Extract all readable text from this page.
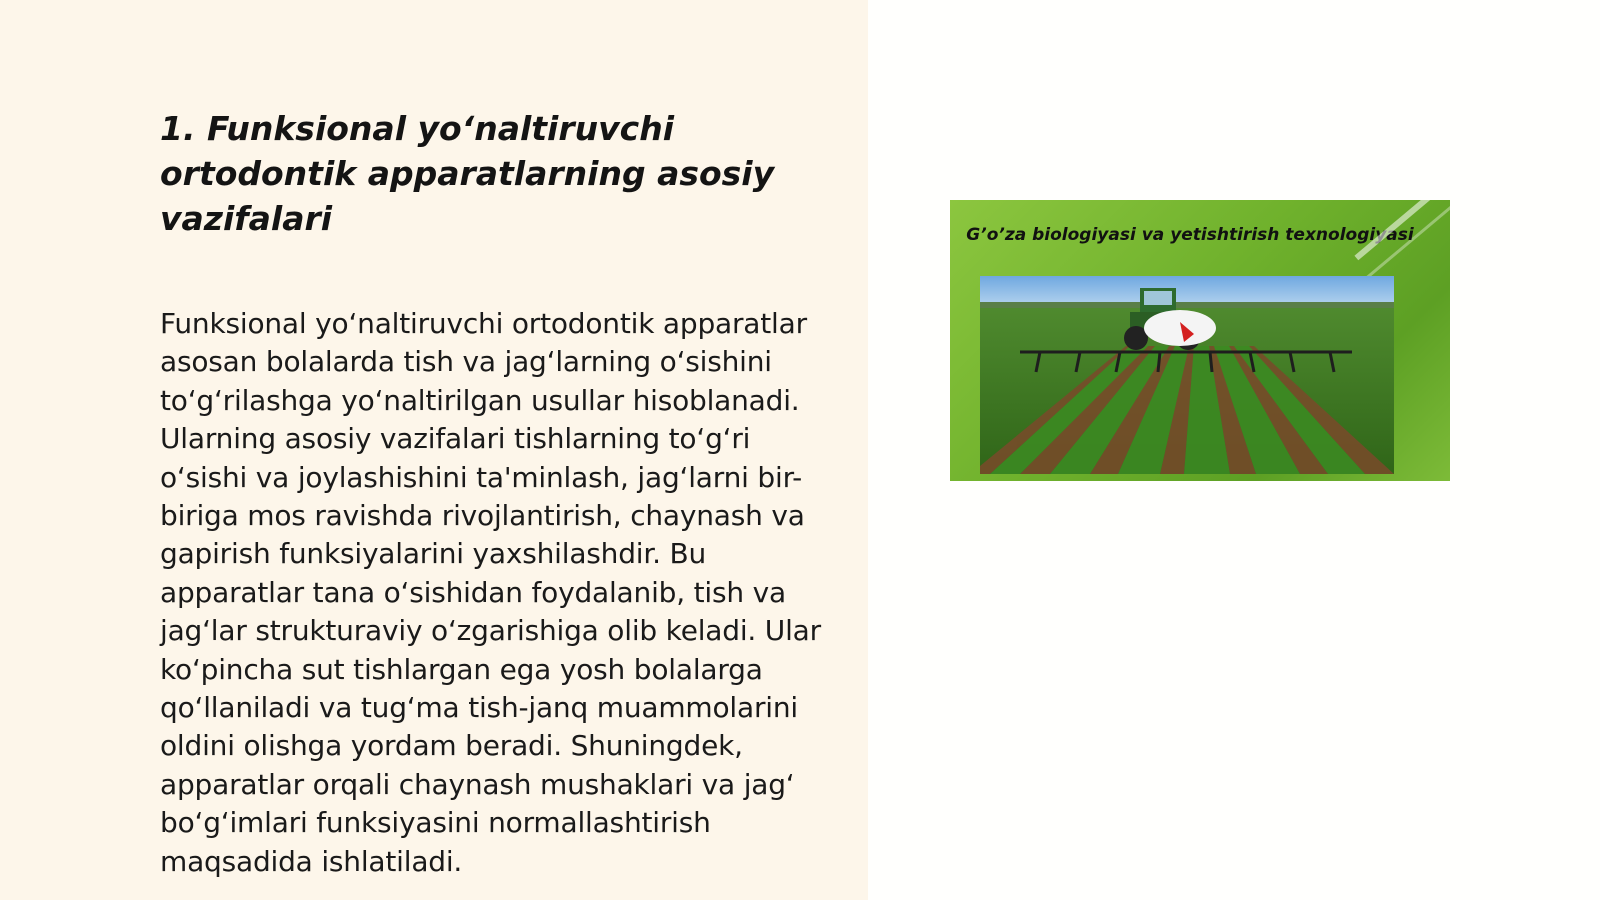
1. Funksional yo‘naltiruvchi ortodontik apparatlarning asosiy vazifalari

Funksional yo‘naltiruvchi ortodontik apparatlar asosan bolalarda tish va jag‘larning o‘sishini to‘g‘rilashga yo‘naltirilgan usullar hisoblanadi. Ularning asosiy vazifalari tishlarning to‘g‘ri o‘sishi va joylashishini ta'minlash, jag‘larni bir-biriga mos ravishda rivojlantirish, chaynash va gapirish funksiyalarini yaxshilashdir. Bu apparatlar tana o‘sishidan foydalanib, tish va jag‘lar strukturaviy o‘zgarishiga olib keladi. Ular ko‘pincha sut tishlargan ega yosh bolalarga qo‘llaniladi va tug‘ma tish-janq muammolarini oldini olishga yordam beradi. Shuningdek, apparatlar orqali chaynash mushaklari va jag‘ bo‘g‘imlari funksiyasini normallashtirish maqsadida ishlatiladi.

G’o’za biologiyasi va yetishtirish texnologiyasi
